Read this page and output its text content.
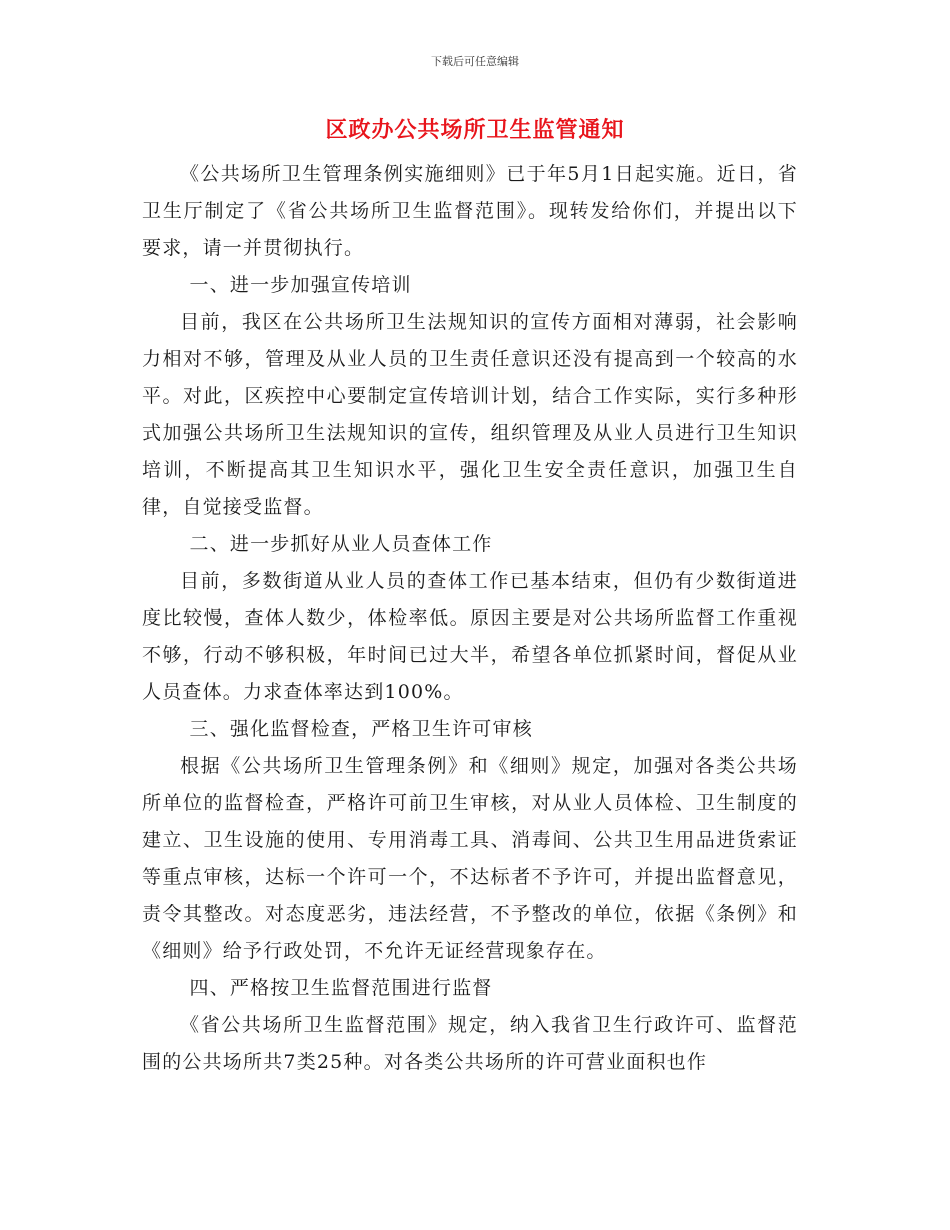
下载后可任意编辑
区政办公共场所卫生监管通知

《公共场所卫生管理条例实施细则》已于年5月1日起实施。近日，省卫生厅制定了《省公共场所卫生监督范围》。现转发给你们，并提出以下要求，请一并贯彻执行。

一、进一步加强宣传培训

目前，我区在公共场所卫生法规知识的宣传方面相对薄弱，社会影响力相对不够，管理及从业人员的卫生责任意识还没有提高到一个较高的水平。对此，区疾控中心要制定宣传培训计划，结合工作实际，实行多种形式加强公共场所卫生法规知识的宣传，组织管理及从业人员进行卫生知识培训，不断提高其卫生知识水平，强化卫生安全责任意识，加强卫生自律，自觉接受监督。

二、进一步抓好从业人员查体工作

目前，多数街道从业人员的查体工作已基本结束，但仍有少数街道进度比较慢，查体人数少，体检率低。原因主要是对公共场所监督工作重视不够，行动不够积极，年时间已过大半，希望各单位抓紧时间，督促从业人员查体。力求查体率达到100%。

三、强化监督检查，严格卫生许可审核

根据《公共场所卫生管理条例》和《细则》规定，加强对各类公共场所单位的监督检查，严格许可前卫生审核，对从业人员体检、卫生制度的建立、卫生设施的使用、专用消毒工具、消毒间、公共卫生用品进货索证等重点审核，达标一个许可一个，不达标者不予许可，并提出监督意见，责令其整改。对态度恶劣，违法经营，不予整改的单位，依据《条例》和《细则》给予行政处罚，不允许无证经营现象存在。

四、严格按卫生监督范围进行监督

《省公共场所卫生监督范围》规定，纳入我省卫生行政许可、监督范围的公共场所共7类25种。对各类公共场所的许可营业面积也作
